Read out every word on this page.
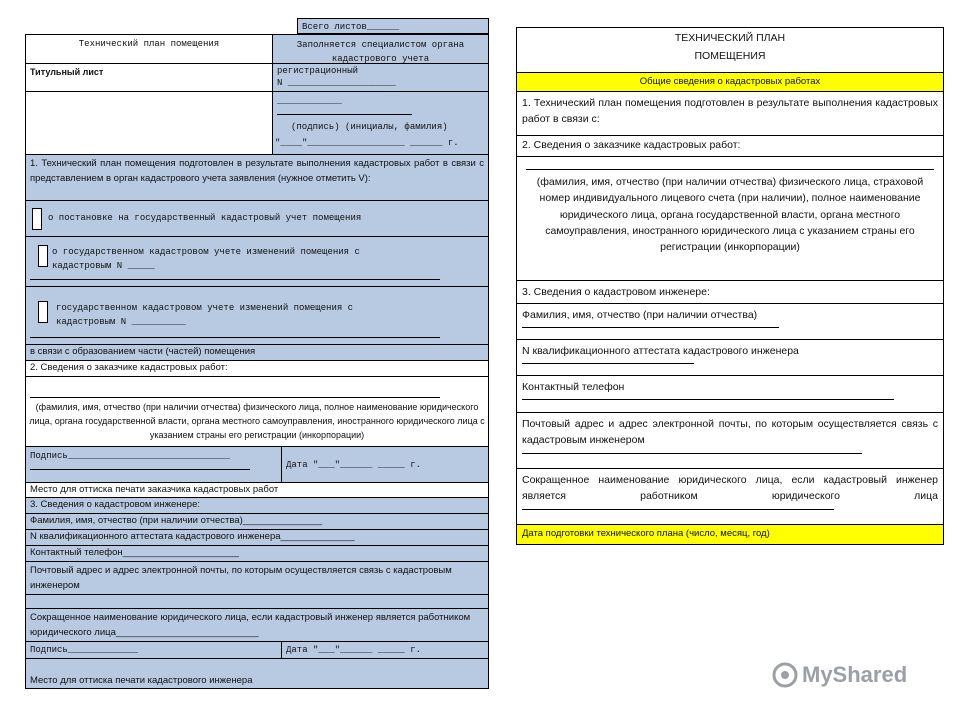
Всего листов______
Технический план помещения	Заполняется специалистом органа кадастрового учета
Титульный лист	регистрационный
N ____________________
____________
(подпись) (инициалы, фамилия)
"____"__________________ ______ г.
1. Технический план помещения подготовлен в результате выполнения кадастровых работ в связи с представлением в орган кадастрового учета заявления (нужное отметить V):
о постановке на государственный кадастровый учет помещения
о государственном кадастровом учете изменений помещения с кадастровым N _____
государственном кадастровом учете изменений помещения с кадастровым N __________
в связи с образованием части (частей) помещения
2. Сведения о заказчике кадастровых работ:
(фамилия, имя, отчество (при наличии отчества) физического лица, полное наименование юридического лица, органа государственной власти, органа местного самоуправления, иностранного юридического лица с указанием страны его регистрации (инкорпорации)
Подпись______________________________
Дата "___"______ _____ г.
Место для оттиска печати заказчика кадастровых работ
3. Сведения о кадастровом инженере:
Фамилия, имя, отчество (при наличии отчества)_______________
N квалификационного аттестата кадастрового инженера______________
Контактный телефон______________________
Почтовый адрес и адрес электронной почты, по которым осуществляется связь с кадастровым инженером
Сокращенное наименование юридического лица, если кадастровый инженер является работником юридического лица___________________________
Подпись_____________	Дата "___"______ _____ г.
Место для оттиска печати кадастрового инженера
ТЕХНИЧЕСКИЙ ПЛАН ПОМЕЩЕНИЯ
Общие сведения о кадастровых работах
1. Технический план помещения подготовлен в результате выполнения кадастровых работ в связи с:
2. Сведения о заказчике кадастровых работ:
(фамилия, имя, отчество (при наличии отчества) физического лица, страховой номер индивидуального лицевого счета (при наличии), полное наименование юридического лица, органа государственной власти, органа местного самоуправления, иностранного юридического лица с указанием страны его регистрации (инкорпорации)
3. Сведения о кадастровом инженере:
Фамилия, имя, отчество (при наличии отчества)
N квалификационного аттестата кадастрового инженера
Контактный телефон
Почтовый адрес и адрес электронной почты, по которым осуществляется связь с кадастровым инженером
Сокращенное наименование юридического лица, если кадастровый инженер является работником юридического лица
Дата подготовки технического плана (число, месяц, год)
MyShared
